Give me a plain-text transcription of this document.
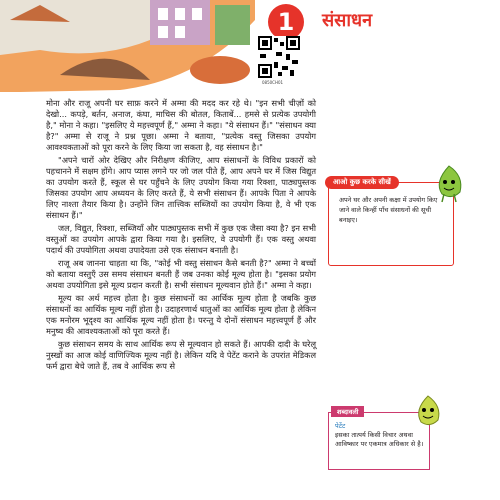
1	संसाधन
0850CH01

मोना और राजू अपनी घर साफ़ करने में अम्मा की मदद कर रहे थे। "इन सभी चीज़ों को देखो... कपड़े, बर्तन, अनाज, कंघा, माचिस की बोतल, किताबें... हमसे से प्रत्येक उपयोगी है," मोना ने कहा। "इसलिए ये महत्त्वपूर्ण हैं," अम्मा ने कहा। "ये संसाधन हैं।" "संसाधन क्या है?" अम्मा से राजू ने प्रश्न पूछा। अम्मा ने बताया, "प्रत्येक वस्तु जिसका उपयोग आवश्यकताओं को पूरा करने के लिए किया जा सकता है, वह संसाधन है।"

"अपने चारों ओर देखिए और निरीक्षण कीजिए, आप संसाधनों के विविध प्रकारों को पहचानने में सक्षम होंगे। आप प्यास लगने पर जो जल पीते हैं, आप अपने घर में जिस विद्युत का उपयोग करते हैं, स्कूल से घर पहुँचने के लिए उपयोग किया गया रिक्शा, पाठ्यपुस्तक जिसका उपयोग आप अध्ययन के लिए करते हैं, ये सभी संसाधन हैं। आपके पिता ने आपके लिए नाश्ता तैयार किया है। उन्होंने जिन तात्त्विक सब्जियों का उपयोग किया है, वे भी एक संसाधन हैं।"

जल, विद्युत, रिक्शा, सब्जियाँ और पाठ्यपुस्तक सभी में कुछ एक जैसा क्या है? इन सभी वस्तुओं का उपयोग आपके द्वारा किया गया है। इसलिए, वे उपयोगी हैं। एक वस्तु अथवा पदार्थ की उपयोगिता अथवा उपादेयता उसे एक संसाधन बनाती है।

राजू अब जानना चाहता था कि, "कोई भी वस्तु संसाधन कैसे बनती है?" अम्मा ने बच्चों को बताया वस्तुएँ उस समय संसाधन बनती हैं जब उनका कोई मूल्य होता है। "इसका प्रयोग अथवा उपयोगिता इसे मूल्य प्रदान करती है। सभी संसाधन मूल्यवान होते हैं।" अम्मा ने कहा।

मूल्य का अर्थ महत्त्व होता है। कुछ संसाधनों का आर्थिक मूल्य होता है जबकि कुछ संसाधनों का आर्थिक मूल्य नहीं होता है। उदाहरणार्थ धातुओं का आर्थिक मूल्य होता है लेकिन एक मनोरम भूदृश्य का आर्थिक मूल्य नहीं होता है। परन्तु ये दोनों संसाधन महत्त्वपूर्ण हैं और मनुष्य की आवश्यकताओं को पूरा करते हैं।

कुछ संसाधन समय के साथ आर्थिक रूप से मूल्यवान हो सकते हैं। आपकी दादी के घरेलू नुस्खों का आज कोई वाणिज्यिक मूल्य नहीं है। लेकिन यदि वे पेटेंट कराने के उपरांत मेडिकल फर्म द्वारा बेचे जाते हैं, तब वे आर्थिक रूप से

आओ कुछ करके सीखें
अपने घर और अपनी कक्षा में उपयोग किए जाने वाले किन्हीं पाँच संसाधनों की सूची बनाइए।
शब्दावली
पेटेंट
इसका तात्पर्य किसी विचार अथवा आविष्कार पर एकमात्र अधिकार से है।
